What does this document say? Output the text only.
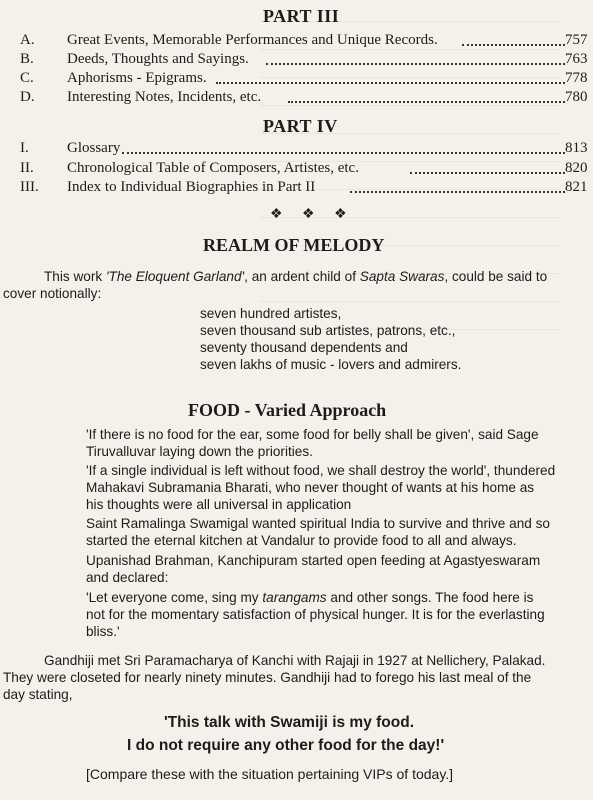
PART III
A.	Great Events, Memorable Performances and Unique Records.	757
B.	Deeds, Thoughts and Sayings.	763
C.	Aphorisms - Epigrams.	778
D.	Interesting Notes, Incidents, etc.	780
PART IV
I.	Glossary	813
II.	Chronological Table of Composers, Artistes, etc.	820
III.	Index to Individual Biographies in Part II	821
❖ ❖ ❖
REALM OF MELODY
This work 'The Eloquent Garland', an ardent child of Sapta Swaras, could be said to
cover notionally:
seven hundred artistes,
seven thousand sub artistes, patrons, etc.,
seventy thousand dependents and
seven lakhs of music - lovers and admirers.
FOOD - Varied Approach
'If there is no food for the ear, some food for belly shall be given', said Sage
Tiruvalluvar laying down the priorities.
'If a single individual is left without food, we shall destroy the world', thundered
Mahakavi Subramania Bharati, who never thought of wants at his home as
his thoughts were all universal in application
Saint Ramalinga Swamigal wanted spiritual India to survive and thrive and so
started the eternal kitchen at Vandalur to provide food to all and always.
Upanishad Brahman, Kanchipuram started open feeding at Agastyeswaram
and declared:
'Let everyone come, sing my tarangams and other songs. The food here is
not for the momentary satisfaction of physical hunger. It is for the everlasting
bliss.'
Gandhiji met Sri Paramacharya of Kanchi with Rajaji in 1927 at Nellichery, Palakad.
They were closeted for nearly ninety minutes. Gandhiji had to forego his last meal of the
day stating,
'This talk with Swamiji is my food.
I do not require any other food for the day!'
[Compare these with the situation pertaining VIPs of today.]
